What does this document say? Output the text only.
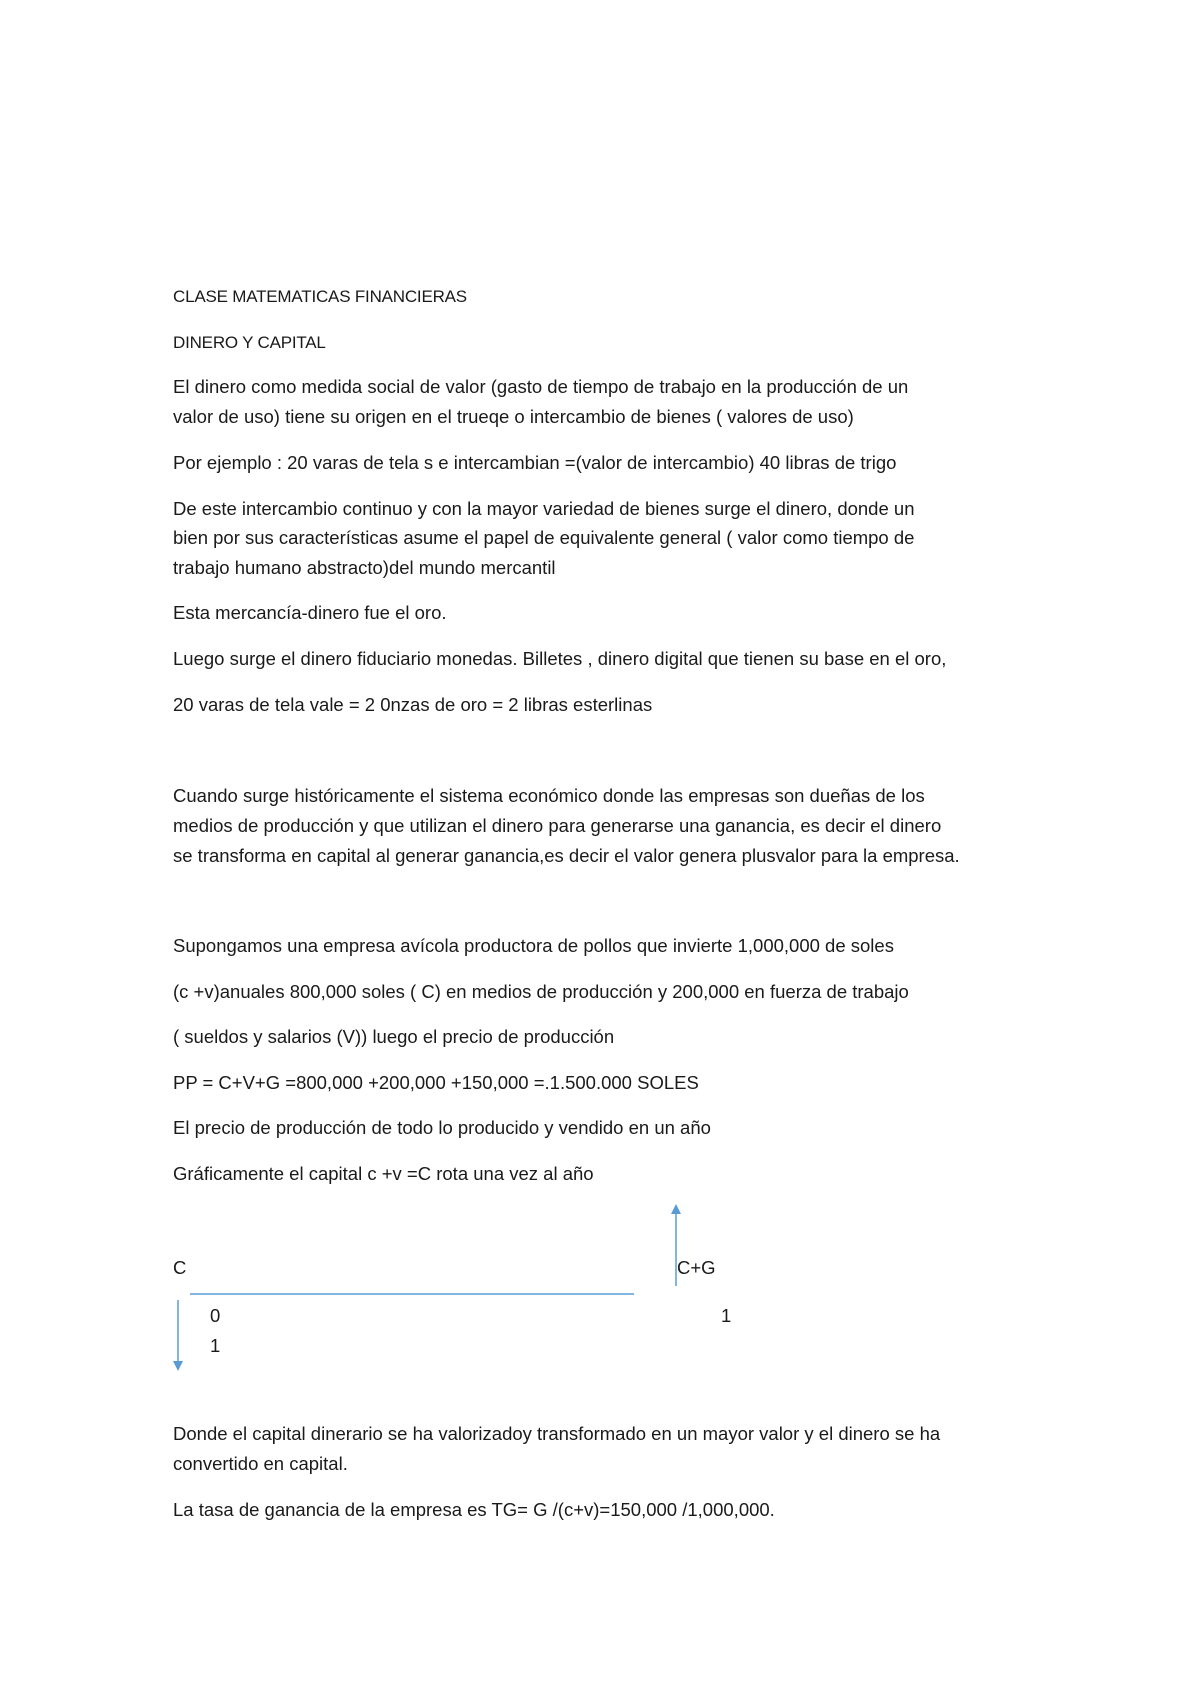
CLASE MATEMATICAS FINANCIERAS
DINERO Y CAPITAL
El dinero como medida social de valor (gasto de tiempo de trabajo en la producción de un
valor de uso) tiene su origen en el trueqe o intercambio de bienes ( valores de uso)
Por ejemplo : 20 varas de tela s e intercambian =(valor de intercambio) 40 libras de trigo
De este intercambio continuo y con la mayor variedad de bienes surge el dinero, donde un
bien por sus características asume el papel de equivalente general ( valor como tiempo de
trabajo humano abstracto)del mundo mercantil
Esta mercancía-dinero fue el oro.
Luego surge el dinero fiduciario monedas. Billetes , dinero digital que tienen su base en el oro,
20 varas de tela vale = 2 0nzas de oro = 2 libras esterlinas
Cuando surge históricamente el sistema económico donde las empresas son dueñas de los
medios de producción y que utilizan el dinero para generarse una ganancia, es decir el dinero
se transforma en capital al generar ganancia,es decir el valor genera plusvalor para la empresa.
Supongamos una empresa avícola productora de pollos que invierte 1,000,000 de soles
(c +v)anuales 800,000 soles ( C) en medios de producción y 200,000 en fuerza de trabajo
( sueldos y salarios (V)) luego el precio de producción
PP = C+V+G =800,000 +200,000 +150,000 =.1.500.000 SOLES
El precio de producción de todo lo producido y vendido en un año
Gráficamente el capital c +v =C rota una vez al año
C	C+G
0
1
1
Donde el capital dinerario se ha valorizadoy transformado en un mayor valor y el dinero se ha
convertido en capital.
La tasa de ganancia de la empresa es TG= G /(c+v)=150,000 /1,000,000.
